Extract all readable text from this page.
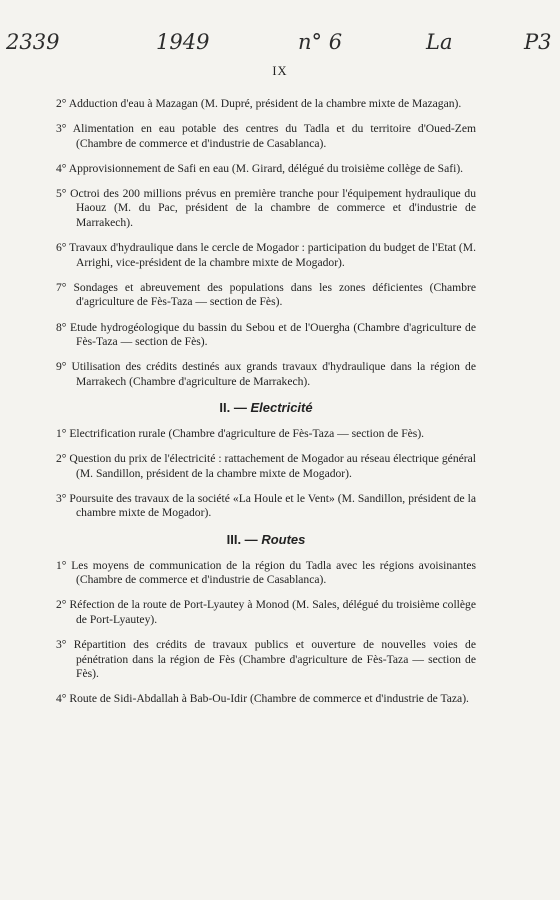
2339	1949	n° 6	La	P3
IX

2° Adduction d'eau à Mazagan (M. Dupré, président de la chambre mixte de Mazagan).

3° Alimentation en eau potable des centres du Tadla et du territoire d'Oued-Zem (Chambre de commerce et d'industrie de Casablanca).

4° Approvisionnement de Safi en eau (M. Girard, délégué du troisième collège de Safi).

5° Octroi des 200 millions prévus en première tranche pour l'équipement hydraulique du Haouz (M. du Pac, président de la chambre de commerce et d'industrie de Marrakech).

6° Travaux d'hydraulique dans le cercle de Mogador : participation du budget de l'Etat (M. Arrighi, vice-président de la chambre mixte de Mogador).

7° Sondages et abreuvement des populations dans les zones déficientes (Chambre d'agriculture de Fès-Taza — section de Fès).

8° Etude hydrogéologique du bassin du Sebou et de l'Ouergha (Chambre d'agriculture de Fès-Taza — section de Fès).

9° Utilisation des crédits destinés aux grands travaux d'hydraulique dans la région de Marrakech (Chambre d'agriculture de Marrakech).

II. — Electricité

1° Electrification rurale (Chambre d'agriculture de Fès-Taza — section de Fès).

2° Question du prix de l'électricité : rattachement de Mogador au réseau électrique général (M. Sandillon, président de la chambre mixte de Mogador).

3° Poursuite des travaux de la société «La Houle et le Vent» (M. Sandillon, président de la chambre mixte de Mogador).

III. — Routes

1° Les moyens de communication de la région du Tadla avec les régions avoisinantes (Chambre de commerce et d'industrie de Casablanca).

2° Réfection de la route de Port-Lyautey à Monod (M. Sales, délégué du troisième collège de Port-Lyautey).

3° Répartition des crédits de travaux publics et ouverture de nouvelles voies de pénétration dans la région de Fès (Chambre d'agriculture de Fès-Taza — section de Fès).

4° Route de Sidi-Abdallah à Bab-Ou-Idir (Chambre de commerce et d'industrie de Taza).
